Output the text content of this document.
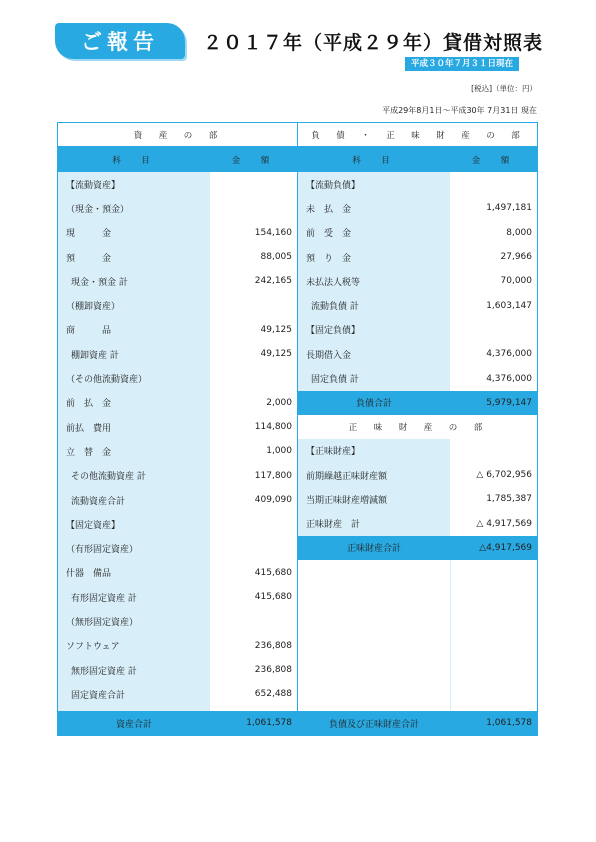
ご報告	２０１７年（平成２９年）貸借対照表
平成３０年７月３１日現在
[税込]（単位：円）
平成29年8月1日〜平成30年 7月31日 現在
資　産　の　部
科　目	金　額
【流動資産】
（現金・預金）
現　　　金	154,160
預　　　金	88,005
現金・預金 計	242,165
（棚卸資産）
商　　　品	49,125
棚卸資産 計	49,125
（その他流動資産）
前　払　金	2,000
前払　費用	114,800
立　替　金	1,000
その他流動資産 計	117,800
流動資産合計	409,090
【固定資産】
（有形固定資産）
什器　備品	415,680
有形固定資産 計	415,680
（無形固定資産）
ソフトウェア	236,808
無形固定資産 計	236,808
固定資産合計	652,488
資産合計	1,061,578
負　債　・　正　味　財　産　の　部
科　目	金　額
【流動負債】
未　払　金	1,497,181
前　受　金	8,000
預　り　金	27,966
未払法人税等	70,000
流動負債 計	1,603,147
【固定負債】
長期借入金	4,376,000
固定負債 計	4,376,000
負債合計	5,979,147
正　味　財　産　の　部
【正味財産】
前期繰越正味財産額	△ 6,702,956
当期正味財産増減額	1,785,387
正味財産　計	△ 4,917,569
正味財産合計	△4,917,569
負債及び正味財産合計	1,061,578
